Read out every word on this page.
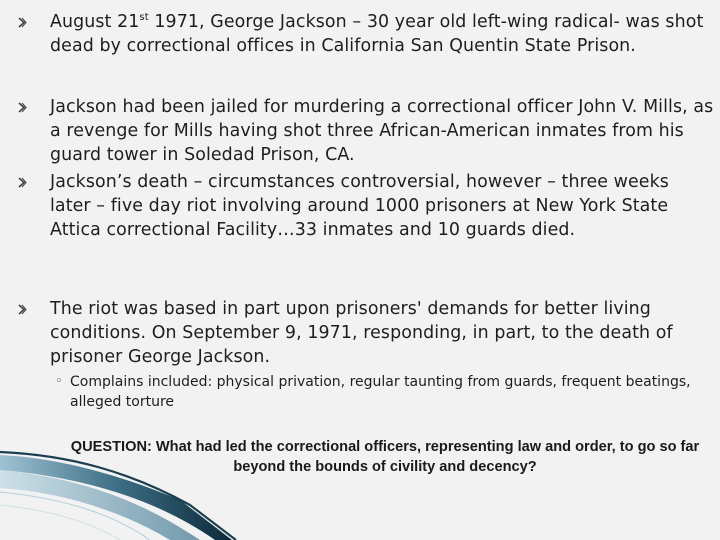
August 21st 1971, George Jackson – 30 year old left-wing radical- was shot dead by correctional offices in California San Quentin State Prison.
Jackson had been jailed for murdering a correctional officer John V. Mills, as a revenge for Mills having shot three African-American inmates from his guard tower in Soledad Prison, CA.
Jackson’s death – circumstances controversial, however – three weeks later – five day riot involving around 1000 prisoners at New York State Attica correctional Facility…33 inmates and 10 guards died.
The riot was based in part upon prisoners' demands for better living conditions. On September 9, 1971, responding, in part, to the death of prisoner George Jackson.
◦ Complains included: physical privation, regular taunting from guards, frequent beatings, alleged torture
QUESTION: What had led the correctional officers, representing law and order, to go so far beyond the bounds of civility and decency?
